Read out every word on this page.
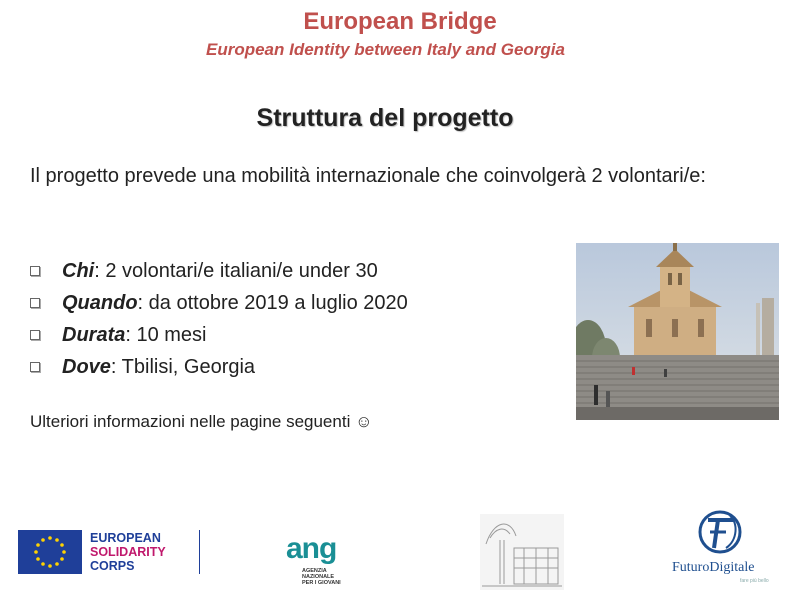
European Bridge
European Identity between Italy and Georgia
Struttura del progetto
Il progetto prevede una mobilità internazionale che coinvolgerà 2 volontari/e:
Chi : 2 volontari/e italiani/e under 30
Quando : da ottobre 2019 a luglio 2020
Durata : 10 mesi
Dove : Tbilisi, Georgia
Ulteriori informazioni nelle pagine seguenti ☺
EUROPEAN
SOLIDARITY
CORPS
ang
AGENZIA
NAZIONALE
PER I GIOVANI
FuturoDigitale
fare più bello
